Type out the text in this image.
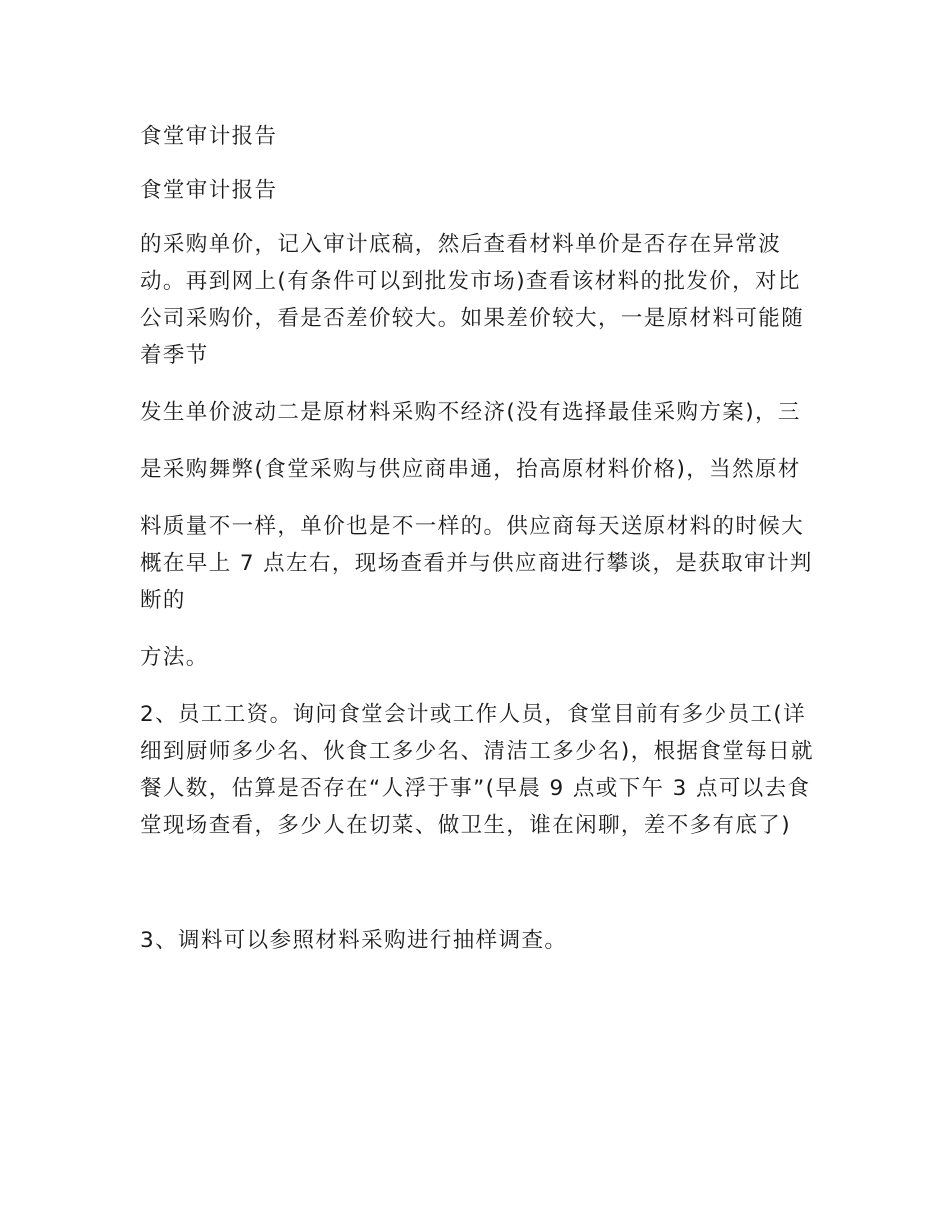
食堂审计报告

食堂审计报告

的采购单价，记入审计底稿，然后查看材料单价是否存在异常波动。再到网上(有条件可以到批发市场)查看该材料的批发价，对比公司采购价，看是否差价较大。如果差价较大，一是原材料可能随着季节

发生单价波动二是原材料采购不经济(没有选择最佳采购方案)，三

是采购舞弊(食堂采购与供应商串通，抬高原材料价格)，当然原材

料质量不一样，单价也是不一样的。供应商每天送原材料的时候大概在早上 7 点左右，现场查看并与供应商进行攀谈，是获取审计判断的

方法。

2、员工工资。询问食堂会计或工作人员，食堂目前有多少员工(详细到厨师多少名、伙食工多少名、清洁工多少名)，根据食堂每日就餐人数，估算是否存在“人浮于事”(早晨 9 点或下午 3 点可以去食堂现场查看，多少人在切菜、做卫生，谁在闲聊，差不多有底了)

3、调料可以参照材料采购进行抽样调查。
